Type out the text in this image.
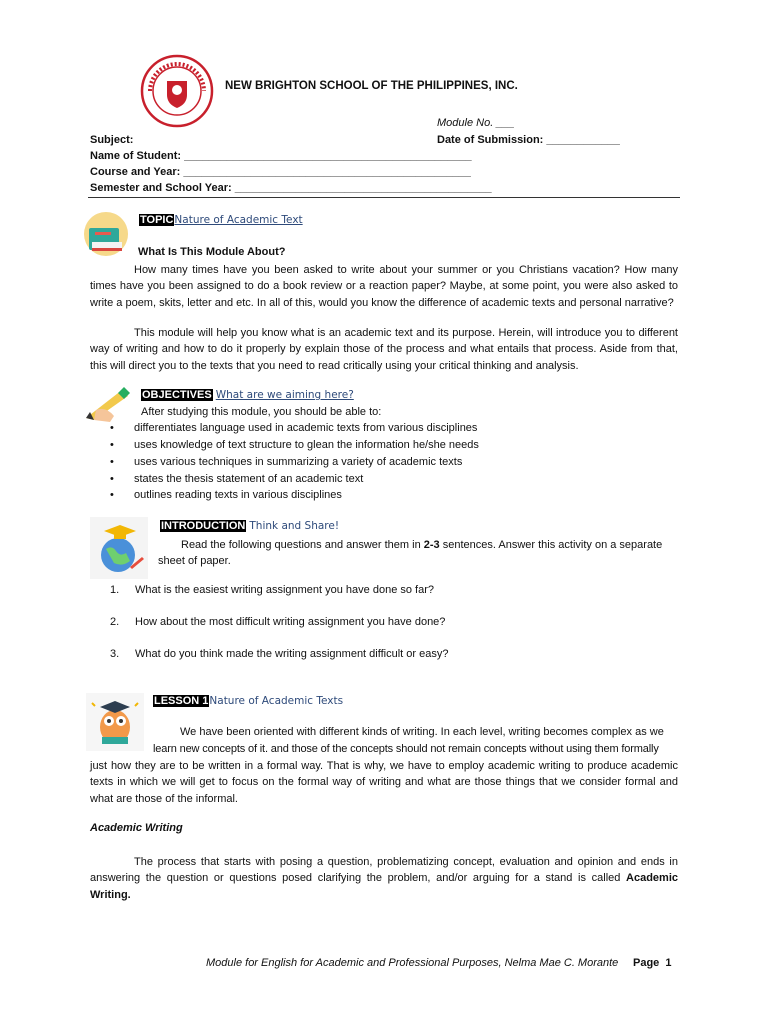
NEW BRIGHTON SCHOOL OF THE PHILIPPINES, INC.
Module No. ___
Subject:	Date of Submission: ____________
Name of Student: _______________________________________________
Course and Year: _______________________________________________
Semester and School Year: __________________________________________
TOPICNature of Academic Text
What Is This Module About?
How many times have you been asked to write about your summer or you Christians vacation? How many times have you been assigned to do a book review or a reaction paper? Maybe, at some point, you were also asked to write a poem, skits, letter and etc. In all of this, would you know the difference of academic texts and personal narrative?
This module will help you know what is an academic text and its purpose. Herein, will introduce you to different way of writing and how to do it properly by explain those of the process and what entails that process. Aside from that, this will direct you to the texts that you need to read critically using your critical thinking and analysis.
OBJECTIVES What are we aiming here?
After studying this module, you should be able to:
• differentiates language used in academic texts from various disciplines
• uses knowledge of text structure to glean the information he/she needs
• uses various techniques in summarizing a variety of academic texts
• states the thesis statement of an academic text
• outlines reading texts in various disciplines
INTRODUCTION Think and Share!
Read the following questions and answer them in 2-3 sentences. Answer this activity on a separate sheet of paper.
1. What is the easiest writing assignment you have done so far?
2. How about the most difficult writing assignment you have done?
3. What do you think made the writing assignment difficult or easy?
LESSON 1Nature of Academic Texts
We have been oriented with different kinds of writing. In each level, writing becomes complex as we
learn new concepts of it. and those of the concepts should not remain concepts without using them formally
just how they are to be written in a formal way. That is why, we have to employ academic writing to produce academic texts in which we will get to focus on the formal way of writing and what are those things that we consider formal and what are those of the informal.
Academic Writing
The process that starts with posing a question, problematizing concept, evaluation and opinion and ends in answering the question or questions posed clarifying the problem, and/or arguing for a stand is called Academic Writing.
Module for English for Academic and Professional Purposes, Nelma Mae C. Morante Page 1
